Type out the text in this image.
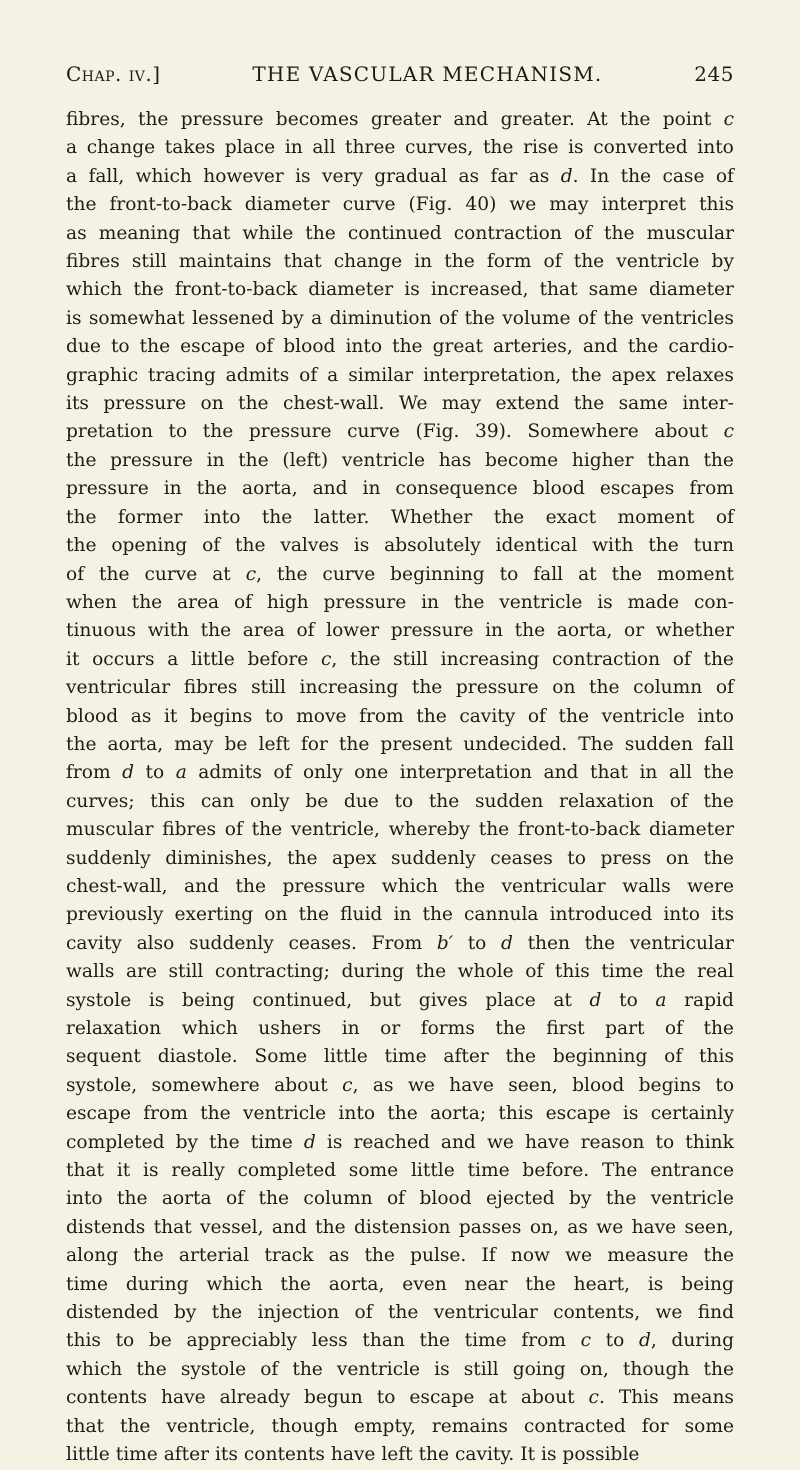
Chap. iv.]	THE VASCULAR MECHANISM.	245
fibres, the pressure becomes greater and greater. At the point c
a change takes place in all three curves, the rise is converted into
a fall, which however is very gradual as far as d. In the case of
the front-to-back diameter curve (Fig. 40) we may interpret this
as meaning that while the continued contraction of the muscular
fibres still maintains that change in the form of the ventricle by
which the front-to-back diameter is increased, that same diameter
is somewhat lessened by a diminution of the volume of the ventricles
due to the escape of blood into the great arteries, and the cardio-
graphic tracing admits of a similar interpretation, the apex relaxes
its pressure on the chest-wall. We may extend the same inter-
pretation to the pressure curve (Fig. 39). Somewhere about c
the pressure in the (left) ventricle has become higher than the
pressure in the aorta, and in consequence blood escapes from
the former into the latter. Whether the exact moment of
the opening of the valves is absolutely identical with the turn
of the curve at c, the curve beginning to fall at the moment
when the area of high pressure in the ventricle is made con-
tinuous with the area of lower pressure in the aorta, or whether
it occurs a little before c, the still increasing contraction of the
ventricular fibres still increasing the pressure on the column of
blood as it begins to move from the cavity of the ventricle into
the aorta, may be left for the present undecided. The sudden fall
from d to a admits of only one interpretation and that in all the
curves; this can only be due to the sudden relaxation of the
muscular fibres of the ventricle, whereby the front-to-back diameter
suddenly diminishes, the apex suddenly ceases to press on the
chest-wall, and the pressure which the ventricular walls were
previously exerting on the fluid in the cannula introduced into its
cavity also suddenly ceases. From b′ to d then the ventricular
walls are still contracting; during the whole of this time the real
systole is being continued, but gives place at d to a rapid
relaxation which ushers in or forms the first part of the
sequent diastole. Some little time after the beginning of this
systole, somewhere about c, as we have seen, blood begins to
escape from the ventricle into the aorta; this escape is certainly
completed by the time d is reached and we have reason to think
that it is really completed some little time before. The entrance
into the aorta of the column of blood ejected by the ventricle
distends that vessel, and the distension passes on, as we have seen,
along the arterial track as the pulse. If now we measure the
time during which the aorta, even near the heart, is being
distended by the injection of the ventricular contents, we find
this to be appreciably less than the time from c to d, during
which the systole of the ventricle is still going on, though the
contents have already begun to escape at about c. This means
that the ventricle, though empty, remains contracted for some
little time after its contents have left the cavity. It is possible
